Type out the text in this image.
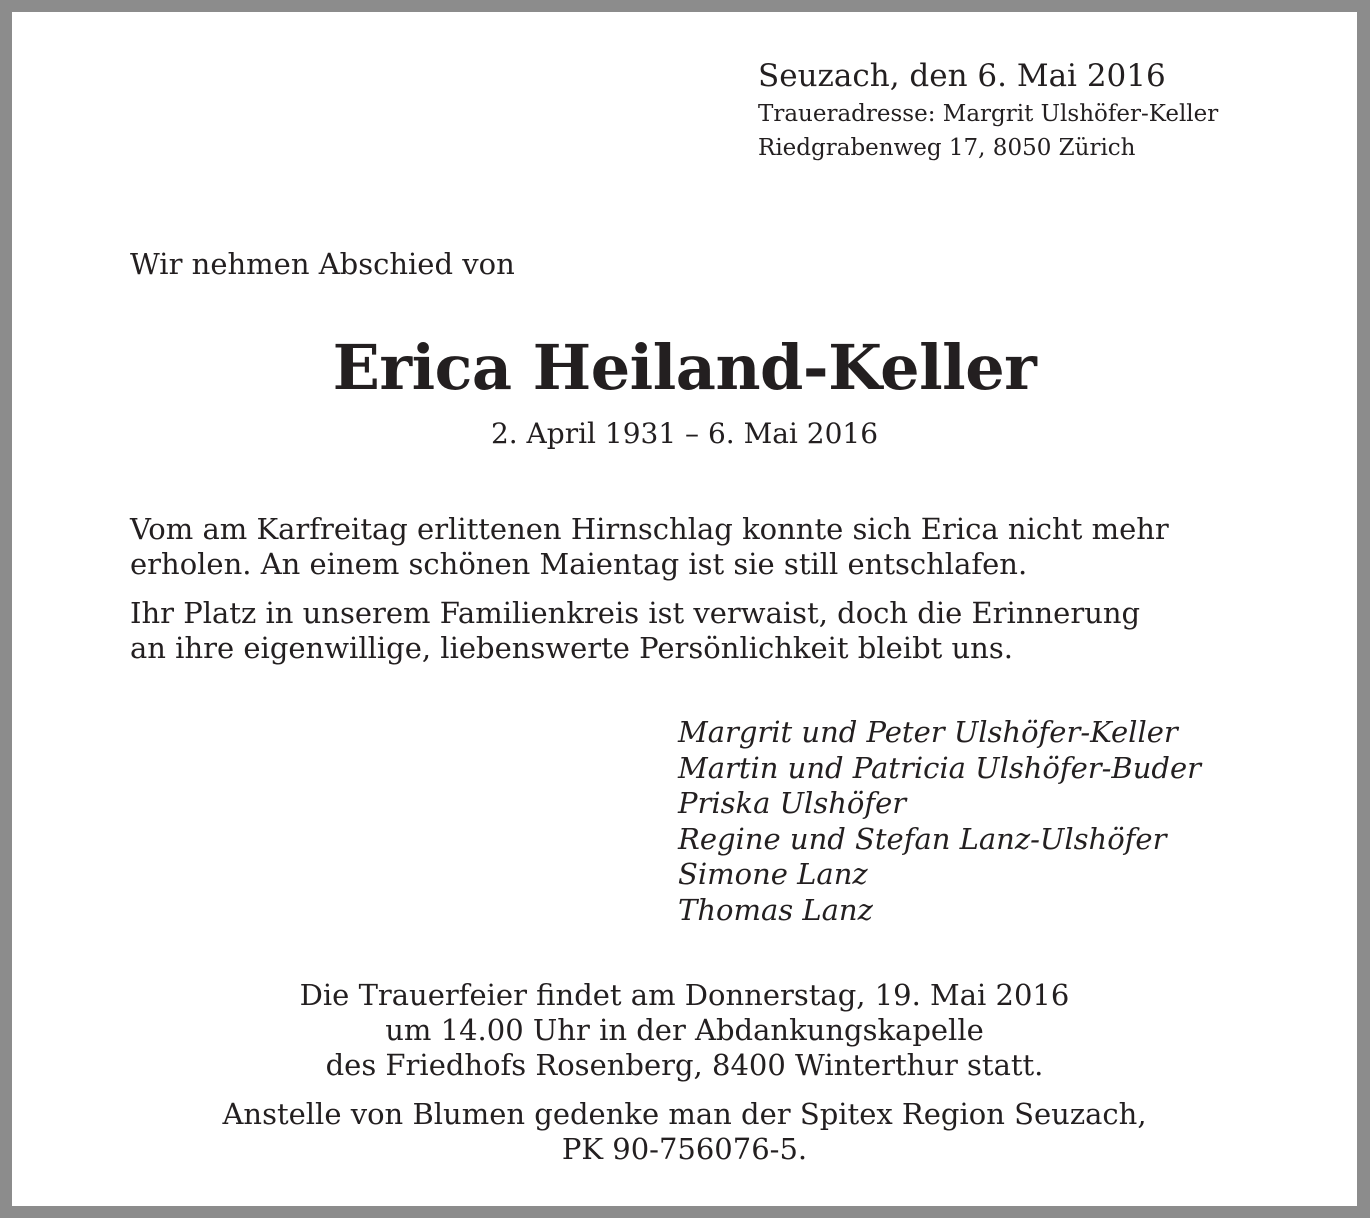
Seuzach, den 6. Mai 2016
Traueradresse: Margrit Ulshöfer-Keller
Riedgrabenweg 17, 8050 Zürich
Wir nehmen Abschied von
Erica Heiland-Keller
2. April 1931 – 6. Mai 2016
Vom am Karfreitag erlittenen Hirnschlag konnte sich Erica nicht mehr
erholen. An einem schönen Maientag ist sie still entschlafen.
Ihr Platz in unserem Familienkreis ist verwaist, doch die Erinnerung
an ihre eigenwillige, liebenswerte Persönlichkeit bleibt uns.
Margrit und Peter Ulshöfer-Keller
Martin und Patricia Ulshöfer-Buder
Priska Ulshöfer
Regine und Stefan Lanz-Ulshöfer
Simone Lanz
Thomas Lanz
Die Trauerfeier findet am Donnerstag, 19. Mai 2016
um 14.00 Uhr in der Abdankungskapelle
des Friedhofs Rosenberg, 8400 Winterthur statt.
Anstelle von Blumen gedenke man der Spitex Region Seuzach,
PK 90-756076-5.
